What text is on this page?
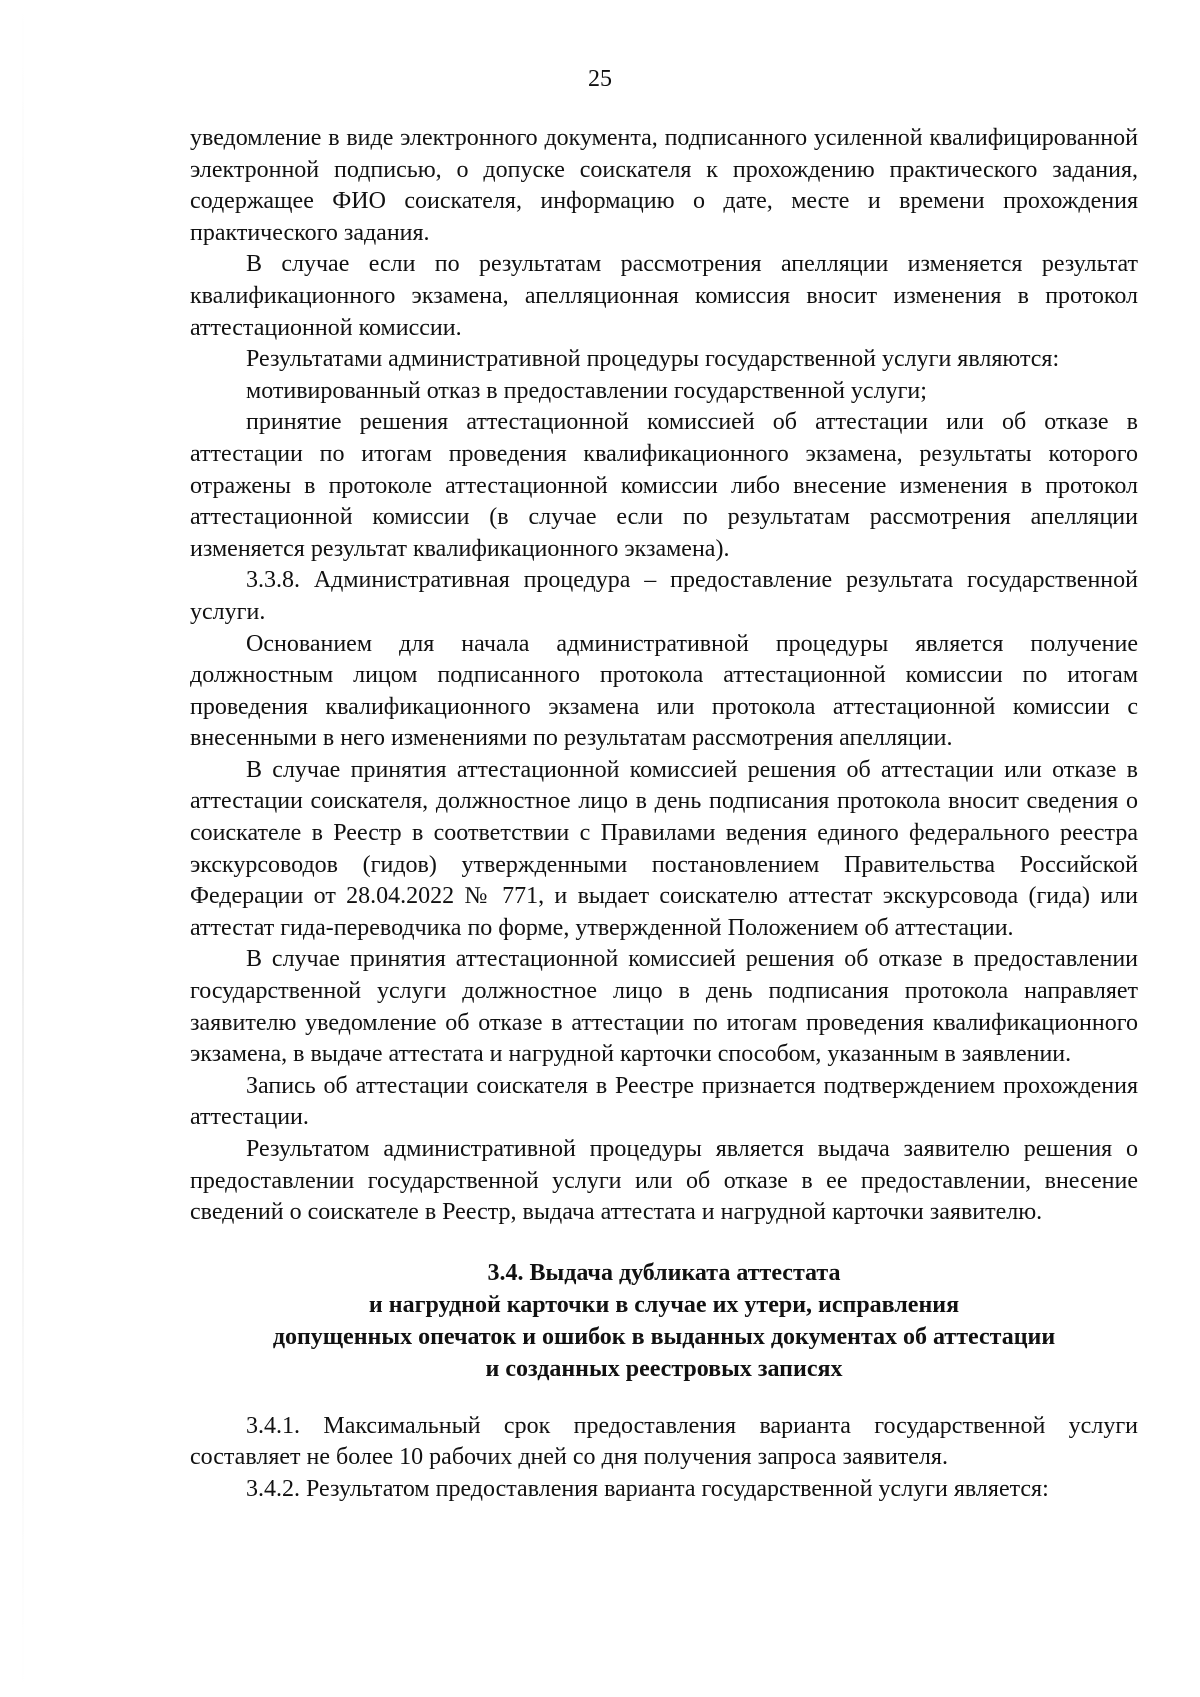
25

уведомление в виде электронного документа, подписанного усиленной квалифицированной электронной подписью, о допуске соискателя к прохождению практического задания, содержащее ФИО соискателя, информацию о дате, месте и времени прохождения практического задания.

В случае если по результатам рассмотрения апелляции изменяется результат квалификационного экзамена, апелляционная комиссия вносит изменения в протокол аттестационной комиссии.

Результатами административной процедуры государственной услуги являются:

мотивированный отказ в предоставлении государственной услуги;

принятие решения аттестационной комиссией об аттестации или об отказе в аттестации по итогам проведения квалификационного экзамена, результаты которого отражены в протоколе аттестационной комиссии либо внесение изменения в протокол аттестационной комиссии (в случае если по результатам рассмотрения апелляции изменяется результат квалификационного экзамена).

3.3.8. Административная процедура – предоставление результата государственной услуги.

Основанием для начала административной процедуры является получение должностным лицом подписанного протокола аттестационной комиссии по итогам проведения квалификационного экзамена или протокола аттестационной комиссии с внесенными в него изменениями по результатам рассмотрения апелляции.

В случае принятия аттестационной комиссией решения об аттестации или отказе в аттестации соискателя, должностное лицо в день подписания протокола вносит сведения о соискателе в Реестр в соответствии с Правилами ведения единого федерального реестра экскурсоводов (гидов) утвержденными постановлением Правительства Российской Федерации от 28.04.2022 № 771, и выдает соискателю аттестат экскурсовода (гида) или аттестат гида-переводчика по форме, утвержденной Положением об аттестации.

В случае принятия аттестационной комиссией решения об отказе в предоставлении государственной услуги должностное лицо в день подписания протокола направляет заявителю уведомление об отказе в аттестации по итогам проведения квалификационного экзамена, в выдаче аттестата и нагрудной карточки способом, указанным в заявлении.

Запись об аттестации соискателя в Реестре признается подтверждением прохождения аттестации.

Результатом административной процедуры является выдача заявителю решения о предоставлении государственной услуги или об отказе в ее предоставлении, внесение сведений о соискателе в Реестр, выдача аттестата и нагрудной карточки заявителю.

3.4. Выдача дубликата аттестата
и нагрудной карточки в случае их утери, исправления
допущенных опечаток и ошибок в выданных документах об аттестации
и созданных реестровых записях

3.4.1. Максимальный срок предоставления варианта государственной услуги составляет не более 10 рабочих дней со дня получения запроса заявителя.

3.4.2. Результатом предоставления варианта государственной услуги является:
